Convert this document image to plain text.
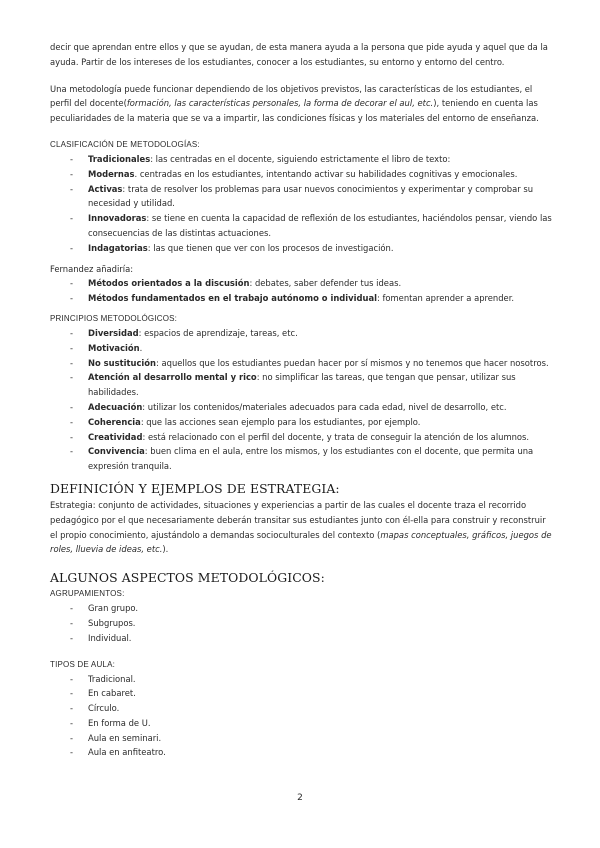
decir que aprendan entre ellos y que se ayudan, de esta manera ayuda a la persona que pide ayuda y aquel que da la ayuda. Partir de los intereses de los estudiantes, conocer a los estudiantes, su entorno y entorno del centro.

Una metodología puede funcionar dependiendo de los objetivos previstos, las características de los estudiantes, el perfil del docente(formación, las características personales, la forma de decorar el aul, etc.), teniendo en cuenta las peculiaridades de la materia que se va a impartir, las condiciones físicas y los materiales del entorno de enseñanza.

CLASIFICACIÓN DE METODOLOGÍAS:
- Tradicionales: las centradas en el docente, siguiendo estrictamente el libro de texto:
- Modernas. centradas en los estudiantes, intentando activar su habilidades cognitivas y emocionales.
- Activas: trata de resolver los problemas para usar nuevos conocimientos y experimentar y comprobar su necesidad y utilidad.
- Innovadoras: se tiene en cuenta la capacidad de reflexión de los estudiantes, haciéndolos pensar, viendo las consecuencias de las distintas actuaciones.
- Indagatorias: las que tienen que ver con los procesos de investigación.

Fernandez añadiría:

- Métodos orientados a la discusión: debates, saber defender tus ideas.
- Métodos fundamentados en el trabajo autónomo o individual: fomentan aprender a aprender.
PRINCIPIOS METODOLÓGICOS:
- Diversidad: espacios de aprendizaje, tareas, etc.
- Motivación.
- No sustitución: aquellos que los estudiantes puedan hacer por sí mismos y no tenemos que hacer nosotros.
- Atención al desarrollo mental y rico: no simplificar las tareas, que tengan que pensar, utilizar sus habilidades.
- Adecuación: utilizar los contenidos/materiales adecuados para cada edad, nivel de desarrollo, etc.
- Coherencia: que las acciones sean ejemplo para los estudiantes, por ejemplo.
- Creatividad: está relacionado con el perfil del docente, y trata de conseguir la atención de los alumnos.
- Convivencia: buen clima en el aula, entre los mismos, y los estudiantes con el docente, que permita una expresión tranquila.
DEFINICIÓN Y EJEMPLOS DE ESTRATEGIA:

Estrategia: conjunto de actividades, situaciones y experiencias a partir de las cuales el docente traza el recorrido pedagógico por el que necesariamente deberán transitar sus estudiantes junto con él-ella para construir y reconstruir el propio conocimiento, ajustándolo a demandas socioculturales del contexto (mapas conceptuales, gráficos, juegos de roles, lluevia de ideas, etc.).

ALGUNOS ASPECTOS METODOLÓGICOS:
AGRUPAMIENTOS:
- Gran grupo.
- Subgrupos.
- Individual.
TIPOS DE AULA:
- Tradicional.
- En cabaret.
- Círculo.
- En forma de U.
- Aula en seminari.
- Aula en anfiteatro.
2
